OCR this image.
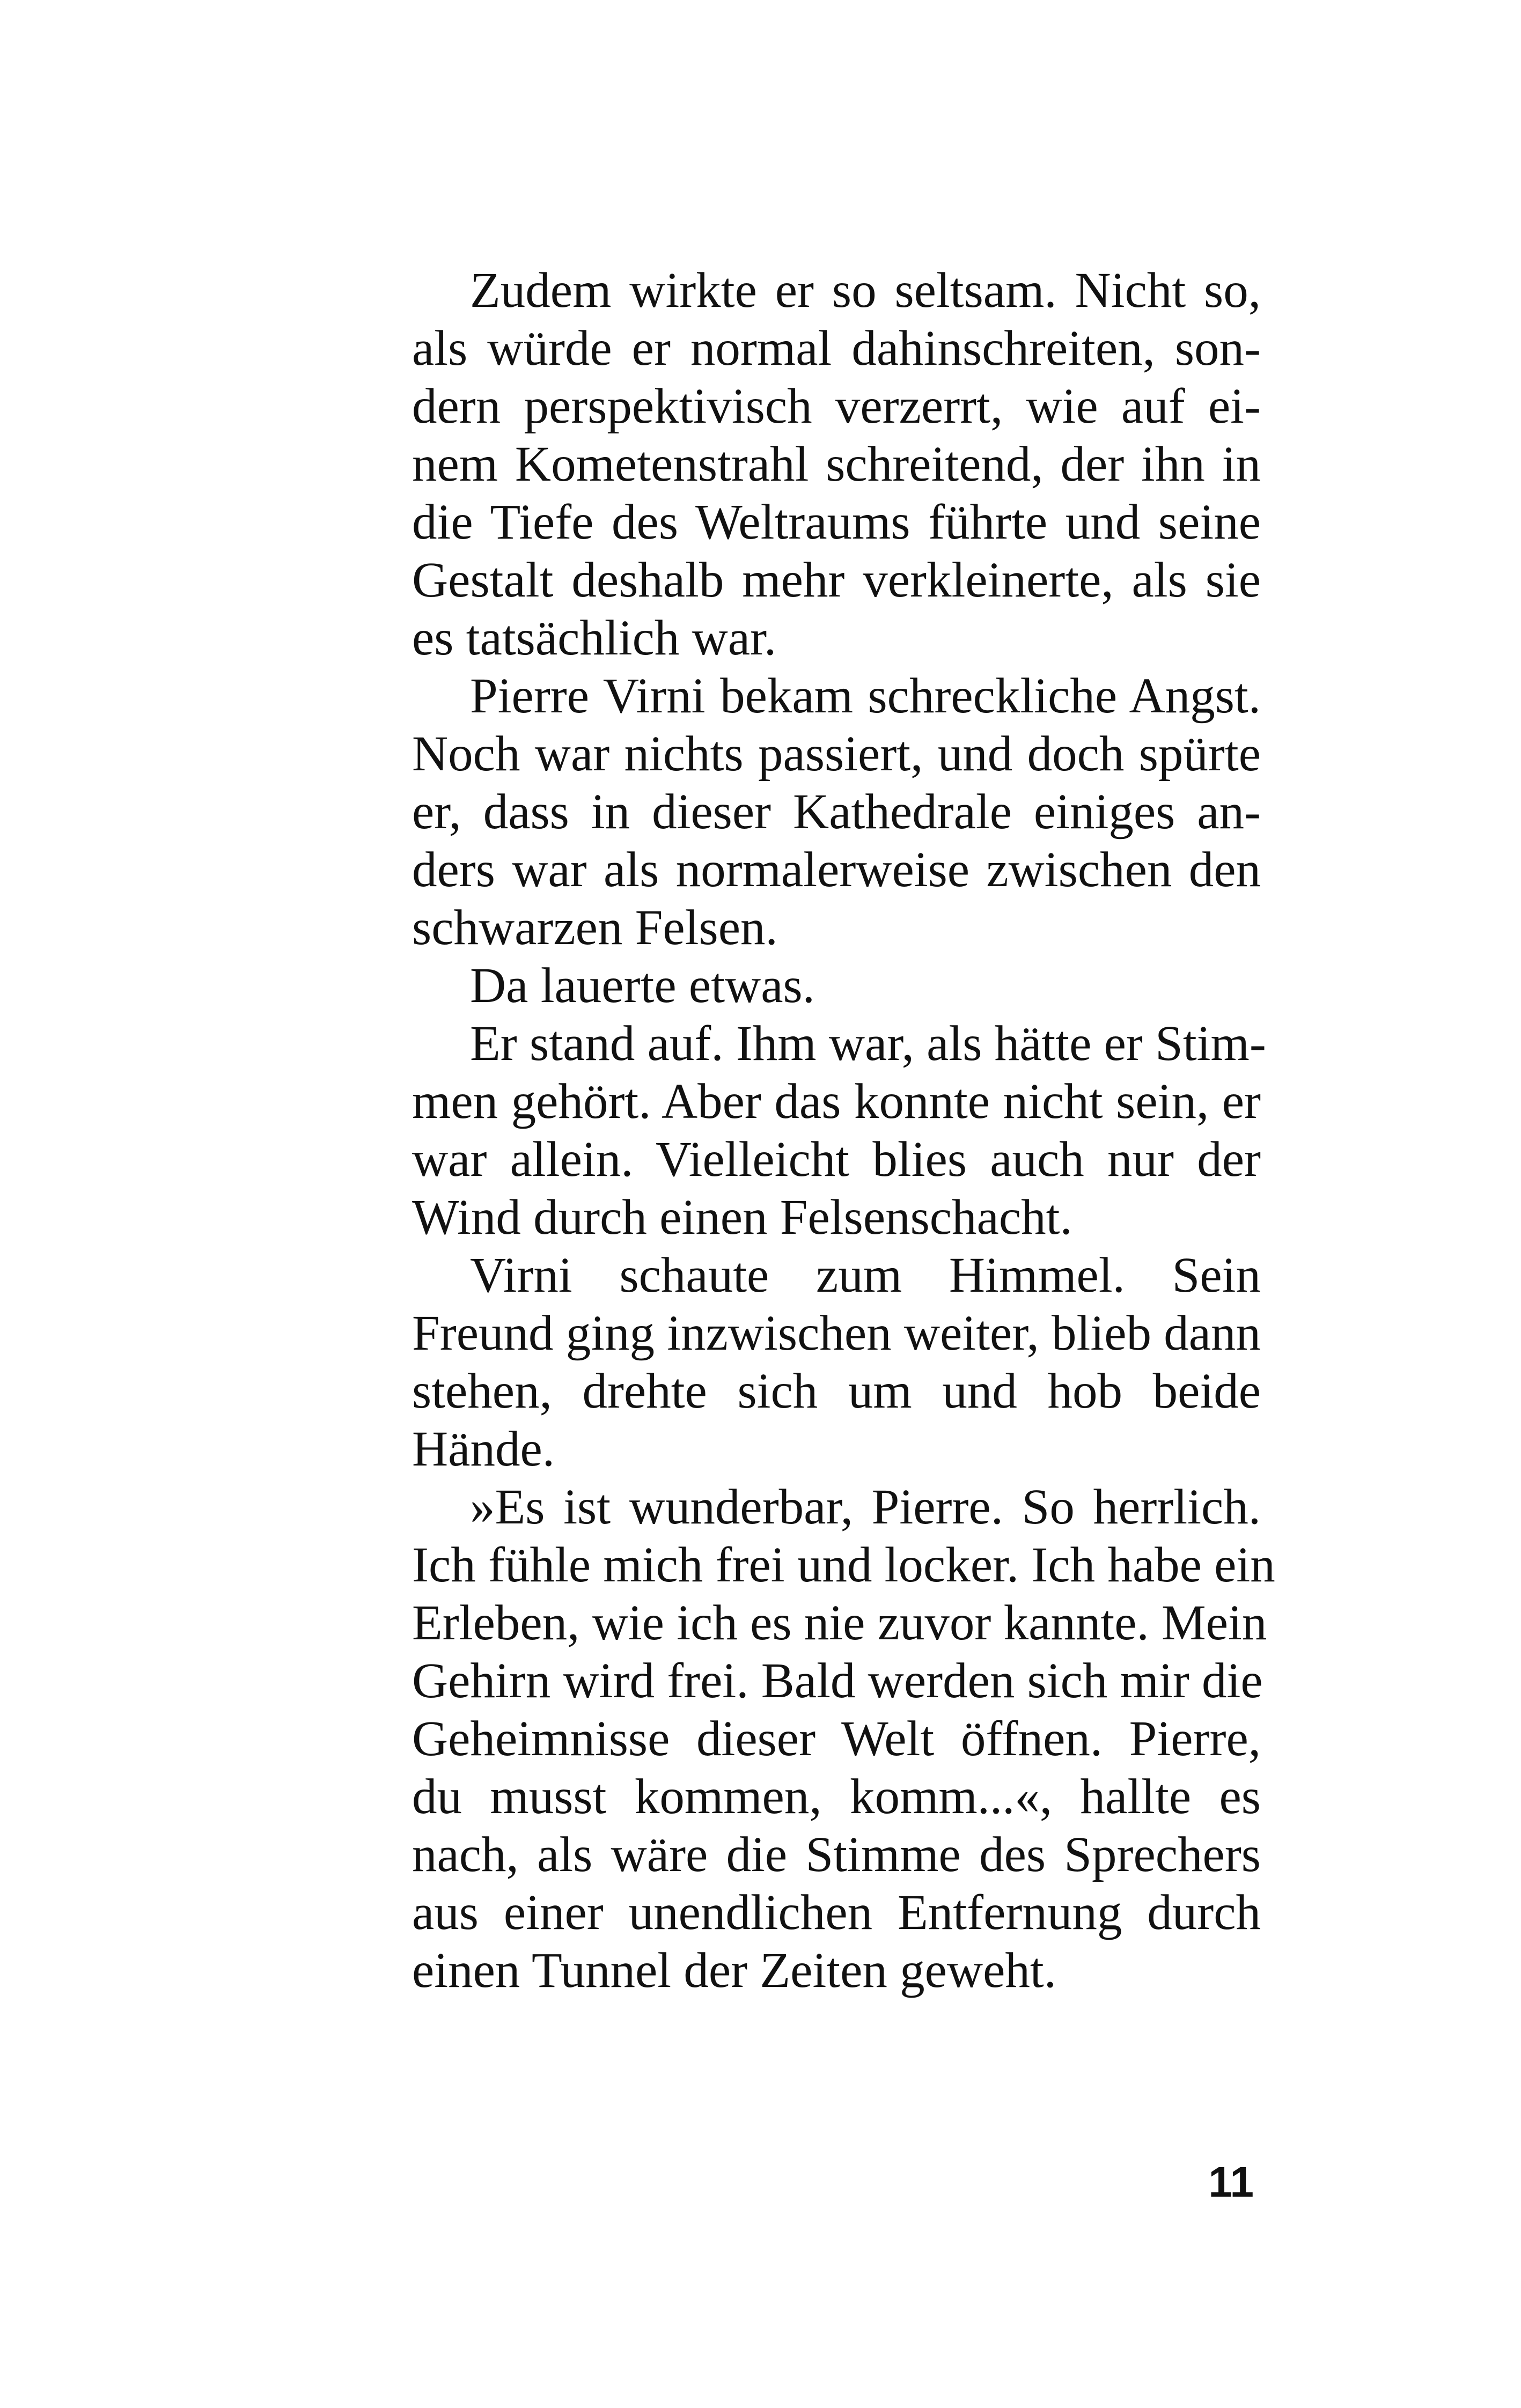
Zudem wirkte er so seltsam. Nicht so,
als würde er normal dahinschreiten, son-
dern perspektivisch verzerrt, wie auf ei-
nem Kometenstrahl schreitend, der ihn in
die Tiefe des Weltraums führte und seine
Gestalt deshalb mehr verkleinerte, als sie
es tatsächlich war.
Pierre Virni bekam schreckliche Angst.
Noch war nichts passiert, und doch spürte
er, dass in dieser Kathedrale einiges an-
ders war als normalerweise zwischen den
schwarzen Felsen.
Da lauerte etwas.
Er stand auf. Ihm war, als hätte er Stim-
men gehört. Aber das konnte nicht sein, er
war allein. Vielleicht blies auch nur der
Wind durch einen Felsenschacht.
Virni schaute zum Himmel. Sein
Freund ging inzwischen weiter, blieb dann
stehen, drehte sich um und hob beide
Hände.
»Es ist wunderbar, Pierre. So herrlich.
Ich fühle mich frei und locker. Ich habe ein
Erleben, wie ich es nie zuvor kannte. Mein
Gehirn wird frei. Bald werden sich mir die
Geheimnisse dieser Welt öffnen. Pierre,
du musst kommen, komm...«, hallte es
nach, als wäre die Stimme des Sprechers
aus einer unendlichen Entfernung durch
einen Tunnel der Zeiten geweht.
11
